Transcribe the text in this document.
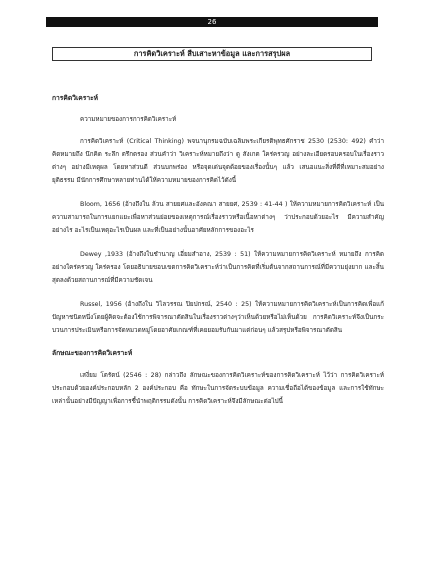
26
การคิดวิเคราะห์ สืบเสาะหาข้อมูล และการสรุปผล

การคิดวิเคราะห์

ความหมายของการการคิดวิเคราะห์

การคิดวิเคราะห์ (Critical Thinking) พจนานุกรมฉบับเฉลิมพระเกียรติพุทธศักราช 2530 (2530: 492) คำว่า คิดหมายถึง นึกคิด ระลึก ตรึกตรอง ส่วนคำว่า วิเคราะห์หมายถึงว่า ดู สังเกต ใคร่ครวญ อย่างละเอียดรอบครอบในเรื่องราวต่างๆ อย่างมีเหตุผล โดยหาส่วนดี ส่วนบกพร่อง หรือจุดเด่นจุดด้อยของเรื่องนั้นๆ แล้ว เสนอแนะสิ่งที่ดีที่เหมาะสมอย่างยุติธรรม มีนักการศึกษาหลายท่านได้ให้ความหมายของการคิดไว้ดังนี้

Bloom, 1656 (อ้างถึงใน ล้วน สายยศและอังคณา สายยศ, 2539 : 41-44 ) ให้ความหมายการคิดวิเคราะห์ เป็นความสามารถในการแยกแยะเพื่อหาส่วนย่อยของเหตุการณ์เรื่องราวหรือเนื้อหาต่างๆ ว่าประกอบด้วยอะไร มีความสำคัญอย่างไร อะไรเป็นเหตุอะไรเป็นผล และที่เป็นอย่างนั้นอาศัยหลักการของอะไร

Dewey ,1933 (อ้างถึงในชำนาญ เอี่ยมสำอาง, 2539 : 51) ให้ความหมายการคิดวิเคราะห์ หมายถึง การคิดอย่างใคร่ครวญ ใคร่ครอง โดยอธิบายขอบเขตการคิดวิเคราะห์ว่าเป็นการคิดที่เริ่มต้นจากสถานการณ์ที่มีความยุ่งยาก และสิ้นสุดลงด้วยสถานการณ์ที่มีความชัดเจน

Russel, 1956 (อ้างถึงใน วิไลวรรณ ปิยปกรณ์, 2540 : 25) ให้ความหมายการคิดวิเคราะห์เป็นการคิดเพื่อแก้ปัญหาชนิดหนึ่งโดยผู้คิดจะต้องใช้การพิจารณาตัดสินในเรื่องราวต่างๆว่าเห็นด้วยหรือไม่เห็นด้วย การคิดวิเคราะห์จึงเป็นกระบวนการประเมินหรือการจัดหมวดหมู่โดยอาศัยเกณฑ์ที่เคยยอมรับกันมาแต่ก่อนๆ แล้วสรุปหรือพิจารณาตัดสิน

ลักษณะของการคิดวิเคราะห์

เสงี่ยม โตรัตน์ (2546 : 28) กล่าวถึง ลักษณะของการคิดวิเคราะห์ของการคิดวิเคราะห์ ไว้ว่า การคิดวิเคราะห์ประกอบด้วยองค์ประกอบหลัก 2 องค์ประกอบ คือ ทักษะในการจัดระบบข้อมูล ความเชื่อถือได้ของข้อมูล และการใช้ทักษะเหล่านั้นอย่างมีปัญญาเพื่อการชี้นำพฤติกรรมดังนั้น การคิดวิเคราะห์จึงมีลักษณะต่อไปนี้
